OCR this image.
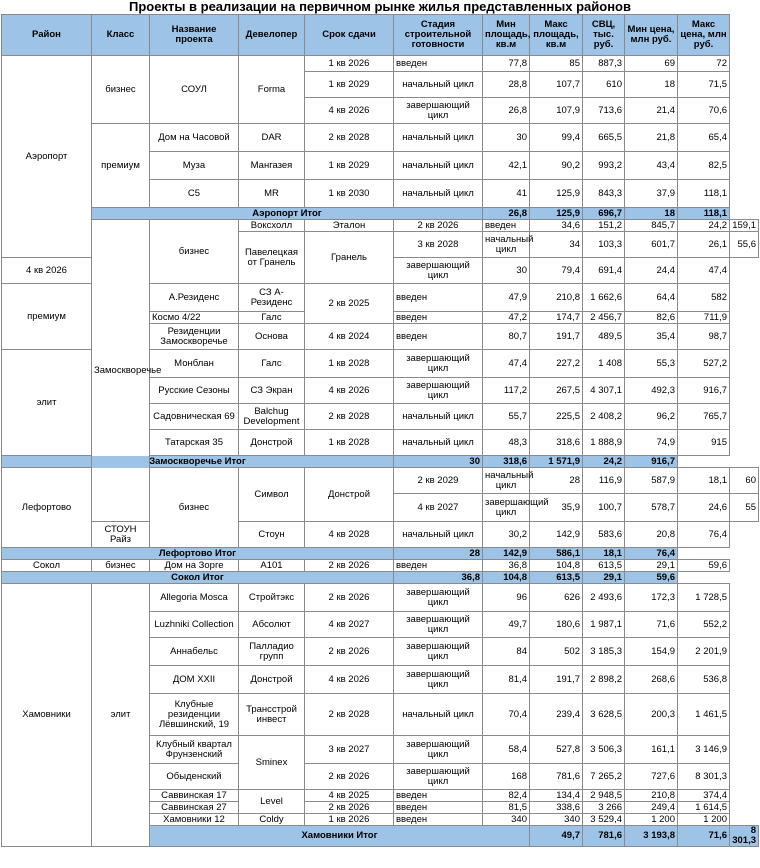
Проекты в реализации на первичном рынке жилья представленных районов
Район	Класс	Название проекта	Девелопер	Срок сдачи	Стадия строительной готовности	Мин площадь, кв.м	Макс площадь, кв.м	СВЦ, тыс. руб.	Мин цена, млн руб.	Макс цена, млн руб.	
Аэропорт	бизнес	СОУЛ	Forma	1 кв 2026	введен	77,8	85	887,3	69	72	
				1 кв 2029	начальный цикл	28,8	107,7	610	18	71,5	
				4 кв 2026	завершающий цикл	26,8	107,9	713,6	21,4	70,6	
	премиум	Дом на Часовой	DAR	2 кв 2028	начальный цикл	30	99,4	665,5	21,8	65,4	
		Муза	Мангазея	1 кв 2029	начальный цикл	42,1	90,2	993,2	43,4	82,5	
		C5	MR	1 кв 2030	начальный цикл	41	125,9	843,3	37,9	118,1	
	Аэропорт Итог					26,8	125,9	696,7	18	118,1	
	Замоскворечье	бизнес	Воксхолл	Эталон	2 кв 2026	введен	34,6	151,2	845,7	24,2	159,1
			Павелецкая от Гранель	Гранель	3 кв 2028	начальный цикл	34	103,3	601,7	26,1	55,6
4 кв 2026					завершающий цикл	30	79,4	691,4	24,4	47,4	
премиум		А.Резиденс	СЗ А-Резиденс	2 кв 2025	введен	47,9	210,8	1 662,6	64,4	582	
		Космо 4/22	Галс		введен	47,2	174,7	2 456,7	82,6	711,9	
		Резиденции Замоскворечье	Основа	4 кв 2024	введен	80,7	191,7	489,5	35,4	98,7	
элит		Монблан	Галс	1 кв 2028	завершающий цикл	47,4	227,2	1 408	55,3	527,2	
		Русские Сезоны	СЗ Экран	4 кв 2026	завершающий цикл	117,2	267,5	4 307,1	492,3	916,7	
		Садовническая 69	Balchug Development	2 кв 2028	начальный цикл	55,7	225,5	2 408,2	96,2	765,7	
		Татарская 35	Донстрой	1 кв 2028	начальный цикл	48,3	318,6	1 888,9	74,9	915	
Замоскворечье Итог					30	318,6	1 571,9	24,2	916,7		
Лефортово		бизнес	Символ	Донстрой	2 кв 2029	начальный цикл	28	116,9	587,9	18,1	60
					4 кв 2027	завершающий цикл	35,9	100,7	578,7	24,6	55
	СТОУН Райз		Стоун	4 кв 2028	начальный цикл	30,2	142,9	583,6	20,8	76,4	
Лефортово Итог					28	142,9	586,1	18,1	76,4		
Сокол	бизнес	Дом на Зорге	А101	2 кв 2026	введен	36,8	104,8	613,5	29,1	59,6	
Сокол Итог					36,8	104,8	613,5	29,1	59,6		
Хамовники	элит	Allegoria Mosca	Стройтэкс	2 кв 2026	завершающий цикл	96	626	2 493,6	172,3	1 728,5	
		Luzhniki Collection	Абсолют	4 кв 2027	завершающий цикл	49,7	180,6	1 987,1	71,6	552,2	
		Аннабельс	Палладио групп	2 кв 2026	завершающий цикл	84	502	3 185,3	154,9	2 201,9	
		ДОМ XXII	Донстрой	4 кв 2026	завершающий цикл	81,4	191,7	2 898,2	268,6	536,8	
		Клубные резиденции Лёвшинский, 19	Трансстрой инвест	2 кв 2028	начальный цикл	70,4	239,4	3 628,5	200,3	1 461,5	
		Клубный квартал Фрунзенский	Sminex	3 кв 2027	завершающий цикл	58,4	527,8	3 506,3	161,1	3 146,9	
		Обыденский		2 кв 2026	завершающий цикл	168	781,6	7 265,2	727,6	8 301,3	
		Саввинская 17	Level	4 кв 2025	введен	82,4	134,4	2 948,5	210,8	374,4	
		Саввинская 27		2 кв 2026	введен	81,5	338,6	3 266	249,4	1 614,5	
		Хамовники 12	Coldy	1 кв 2026	введен	340	340	3 529,4	1 200	1 200	
		Хамовники Итог					49,7	781,6	3 193,8	71,6	8 301,3
